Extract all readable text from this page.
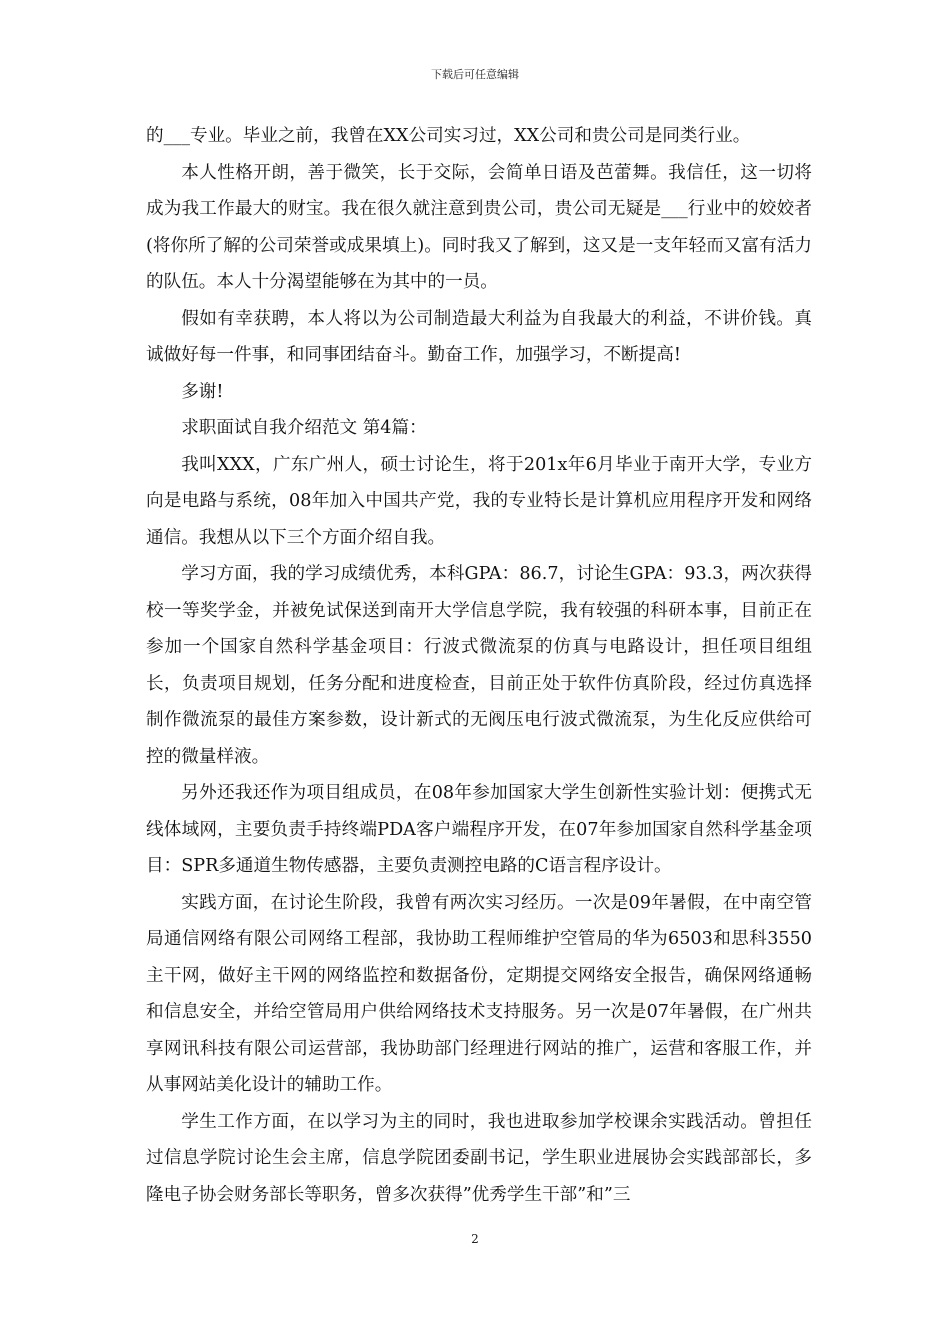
下载后可任意编辑

的___专业。毕业之前，我曾在XX公司实习过，XX公司和贵公司是同类行业。

本人性格开朗，善于微笑，长于交际，会简单日语及芭蕾舞。我信任，这一切将成为我工作最大的财宝。我在很久就注意到贵公司，贵公司无疑是___行业中的姣姣者(将你所了解的公司荣誉或成果填上)。同时我又了解到，这又是一支年轻而又富有活力的队伍。本人十分渴望能够在为其中的一员。

假如有幸获聘，本人将以为公司制造最大利益为自我最大的利益，不讲价钱。真诚做好每一件事，和同事团结奋斗。勤奋工作，加强学习，不断提高!

多谢!

求职面试自我介绍范文 第4篇：

我叫XXX，广东广州人，硕士讨论生，将于201x年6月毕业于南开大学，专业方向是电路与系统，08年加入中国共产党，我的专业特长是计算机应用程序开发和网络通信。我想从以下三个方面介绍自我。

学习方面，我的学习成绩优秀，本科GPA：86.7，讨论生GPA：93.3，两次获得校一等奖学金，并被免试保送到南开大学信息学院，我有较强的科研本事，目前正在参加一个国家自然科学基金项目：行波式微流泵的仿真与电路设计，担任项目组组长，负责项目规划，任务分配和进度检查，目前正处于软件仿真阶段，经过仿真选择制作微流泵的最佳方案参数，设计新式的无阀压电行波式微流泵，为生化反应供给可控的微量样液。

另外还我还作为项目组成员，在08年参加国家大学生创新性实验计划：便携式无线体域网，主要负责手持终端PDA客户端程序开发，在07年参加国家自然科学基金项目：SPR多通道生物传感器，主要负责测控电路的C语言程序设计。

实践方面，在讨论生阶段，我曾有两次实习经历。一次是09年暑假，在中南空管局通信网络有限公司网络工程部，我协助工程师维护空管局的华为6503和思科3550主干网，做好主干网的网络监控和数据备份，定期提交网络安全报告，确保网络通畅和信息安全，并给空管局用户供给网络技术支持服务。另一次是07年暑假，在广州共享网讯科技有限公司运营部，我协助部门经理进行网站的推广，运营和客服工作，并从事网站美化设计的辅助工作。

学生工作方面，在以学习为主的同时，我也进取参加学校课余实践活动。曾担任过信息学院讨论生会主席，信息学院团委副书记，学生职业进展协会实践部部长，多隆电子协会财务部长等职务，曾多次获得”优秀学生干部”和”三

2
